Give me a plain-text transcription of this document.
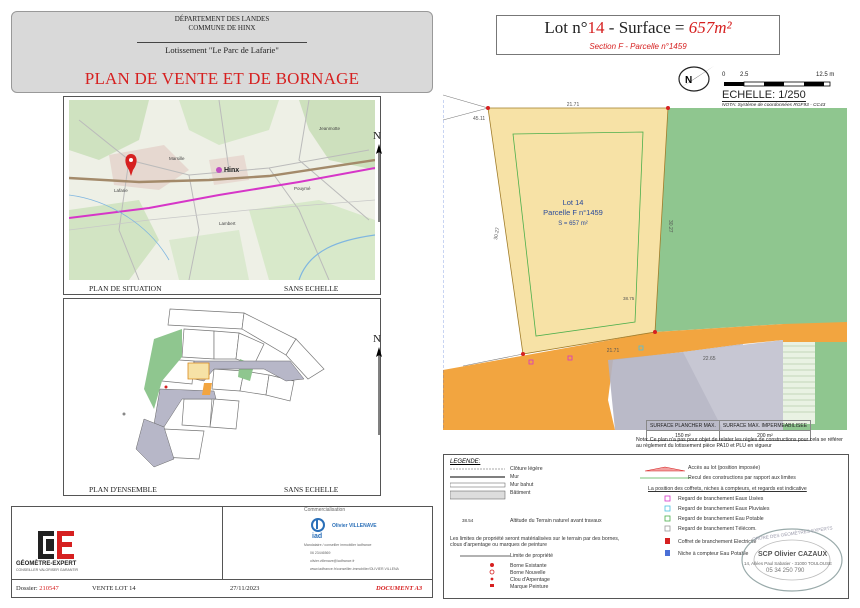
DÉPARTEMENT DES LANDES
COMMUNE DE HINX
Lotissement "Le Parc de Lafarie"
PLAN DE VENTE ET DE BORNAGE
Hinx
Lafarie
Marsille
Pouymé
Lambert
Jeanmotte
PLAN DE SITUATION	SANS ECHELLE
N
PLAN D'ENSEMBLE	SANS ECHELLE
N
Lot n°14 - Surface = 657m²
Section F - Parcelle n°1459
N	0 2.5	12.5 m
ECHELLE: 1/250
NOTA: Système de coordonnées RGF93 - CC43
Lot 14
Parcelle F n°1459
S = 657 m²
21.71
21.71
30.27
30.27
45.11
22.65
38.75
SURFACE PLANCHER MAX.	SURFACE MAX. IMPERMEABILISEE
150 m²	200 m²
Nota: Ce plan n'a pas pour objet de relater les règles de constructions pour cela se référer au règlement du lotissement pièce PA10 et PLU en vigueur
LEGENDE:
Clôture légère
Mur
Mur bahut
Bâtiment
38.54	Altitude du Terrain naturel avant travaux
Les limites de propriété seront matérialisées sur le terrain par des bornes, clous d'arpentage ou marques de peinture
Limite de propriété
Borne Existante
Borne Nouvelle
Clou d'Arpentage
Marque Peinture
Accès au lot (position imposée)
Recul des constructions par rapport aux limites
La position des coffrets, niches à compteurs, et regards est indicative
Regard de branchement Eaux Usées
Regard de branchement Eaux Pluviales
Regard de branchement Eau Potable
Regard de branchement Télécom.
Coffret de branchement Electricité
Niche à compteur Eau Potable
ORDRE DES GÉOMÈTRES-EXPERTS
SCP Olivier CAZAUX
14, Allées Paul Sabatier - 31000 TOULOUSE
05 34 250 790
GÉOMÈTRE-EXPERT
CONSEILLER VALORISER GARANTIR
Commercialisation
iad
Olivier VILLENAVE
Mandataire / conseiller immobilier iadfrance
06 23446569
olivier.villenave@iadfrance.fr
www.iadfrance.fr/conseiller-immobilier/OLIVIER.VILLENA
Dossier: 210547	VENTE LOT 14	27/11/2023	DOCUMENT A3
